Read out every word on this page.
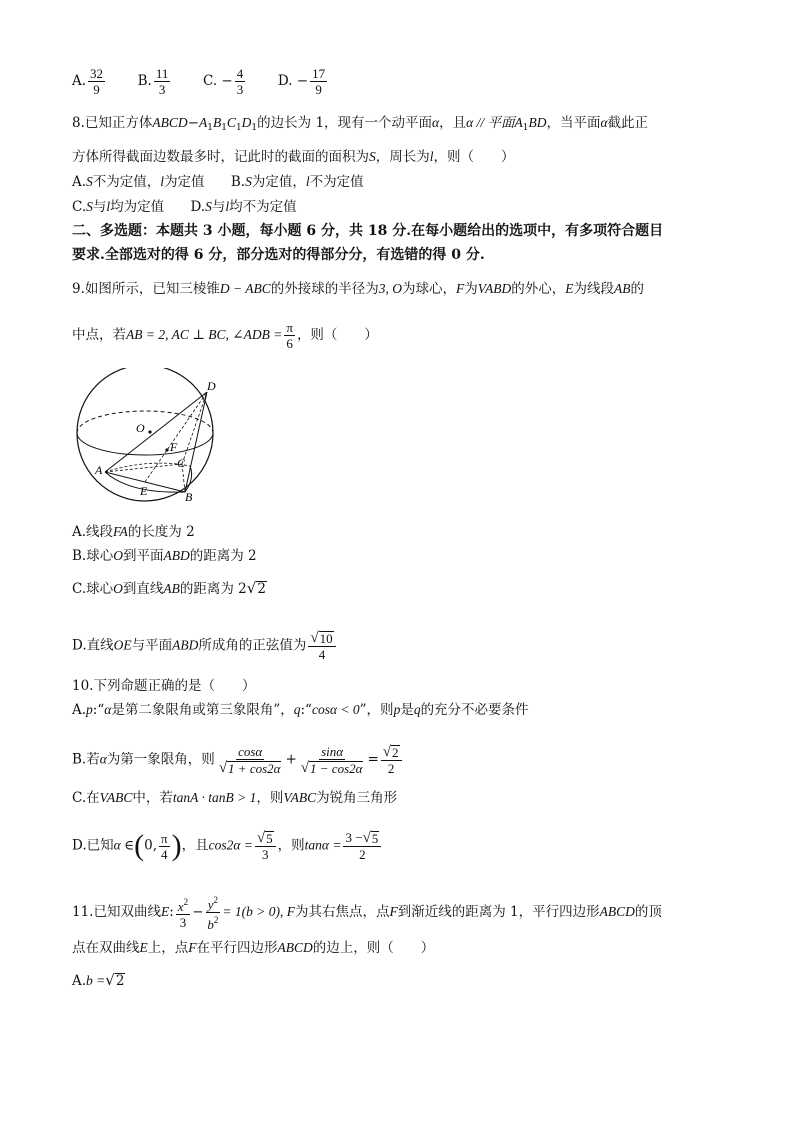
A. $\frac{32}{9} B$. $\frac{11}{3} C$. − $\frac{4}{3} D$. − $\frac{17}{9}$
8.已知正方体$ABCD-A_1B_1C_1D_1$的边长为 1，现有一个动平面α，且α // 平面$A_1BD$，当平面α截此正
方体所得截面边数最多时，记此时的截面的面积为S，周长为l，则（　　）
A.S不为定值，l为定值 B.S为定值，l不为定值
C.S与l均为定值 D.S与l均不为定值
二、多选题：本题共 3 小题，每小题 6 分，共 18 分.在每小题给出的选项中，有多项符合题目
要求.全部选对的得 6 分，部分选对的得部分分，有选错的得 0 分.
9.如图所示，已知三棱锥D − ABC的外接球的半径为3, O为球心，F为VABD的外心，E为线段AB的
中点，若AB = 2, AC ⊥ BC, ∠ADB = $\frac{\pi}{6}$ ，则（　　）
D
O
F
A	C
E	B
A.线段FA的长度为 2
B.球心O到平面ABD的距离为 2
C.球心O到直线AB的距离为 2 √ 2
D.直线OE与平面ABD所成角的正弦值为 $\frac{√ 10}{4}$
10.下列命题正确的是（　　）
A.p:“α是第二象限角或第三象限角”，q:“cosα < 0”，则p是q的充分不必要条件
B.若α为第一象限角，则 $\frac{\cos\alpha}{√ 1 + \cos 2\alpha} + \frac{\sin\alpha}{√ 1 - \cos 2\alpha} = \frac{√ 2}{2}$
C.在VABC中，若tanA · tanB > 1，则VABC为锐角三角形
D.已知α ∈(0, $\frac{\pi}{4}$ )，且$\cos 2\alpha = \frac{√ 5}{3}$ ，则$\tan\alpha = \frac{3 - √ 5}{2}$
11.已知双曲线E: $\frac{x^2}{3} - \frac{y^2}{b^2} = 1(b > 0)$, F为其右焦点，点F到渐近线的距离为 1，平行四边形ABCD的顶
点在双曲线E上，点F在平行四边形ABCD的边上，则（　　）
A.b = √ 2
